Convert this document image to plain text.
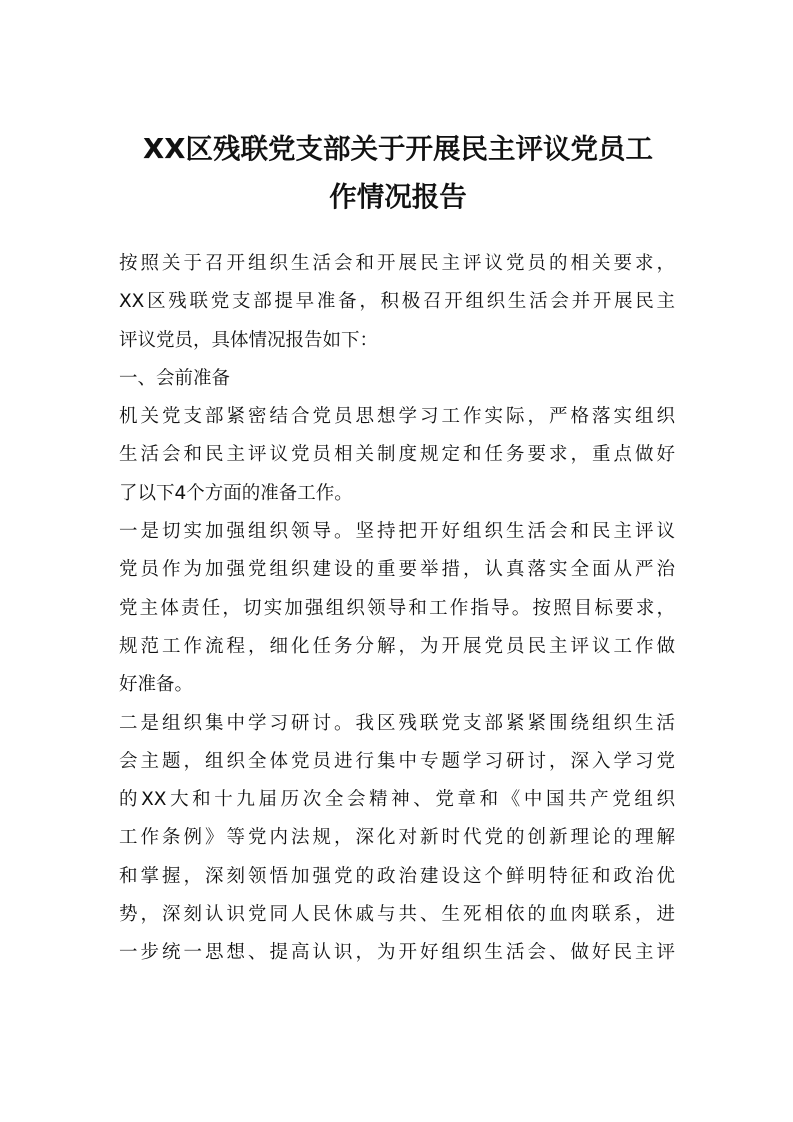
XX区残联党支部关于开展民主评议党员工
作情况报告
按照关于召开组织生活会和开展民主评议党员的相关要求，
XX区残联党支部提早准备，积极召开组织生活会并开展民主
评议党员，具体情况报告如下：
一、会前准备
机关党支部紧密结合党员思想学习工作实际，严格落实组织
生活会和民主评议党员相关制度规定和任务要求，重点做好
了以下4个方面的准备工作。
一是切实加强组织领导。坚持把开好组织生活会和民主评议
党员作为加强党组织建设的重要举措，认真落实全面从严治
党主体责任，切实加强组织领导和工作指导。按照目标要求，
规范工作流程，细化任务分解，为开展党员民主评议工作做
好准备。
二是组织集中学习研讨。我区残联党支部紧紧围绕组织生活
会主题，组织全体党员进行集中专题学习研讨，深入学习党
的XX大和十九届历次全会精神、党章和《中国共产党组织
工作条例》等党内法规，深化对新时代党的创新理论的理解
和掌握，深刻领悟加强党的政治建设这个鲜明特征和政治优
势，深刻认识党同人民休戚与共、生死相依的血肉联系，进
一步统一思想、提高认识，为开好组织生活会、做好民主评
